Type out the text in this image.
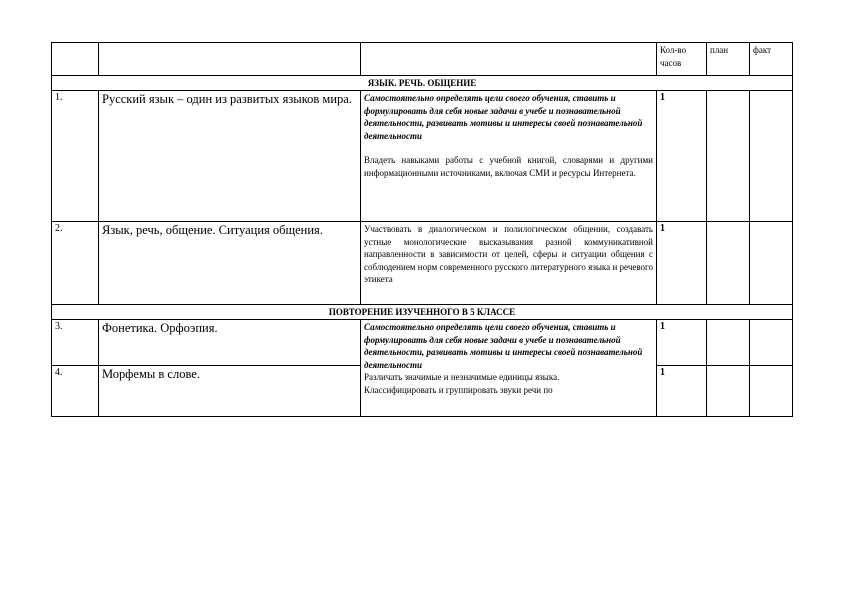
			Кол-во часов	план	факт
ЯЗЫК. РЕЧЬ. ОБЩЕНИЕ					
1.	Русский язык – один из развитых языков мира.	Самостоятельно определять цели своего обучения, ставить и формулировать для себя новые задачи в учебе и познавательной деятельности, развивать мотивы и интересы своей познавательной деятельности
Владеть навыками работы с учебной книгой, словарями и другими информационными источниками, включая СМИ и ресурсы Интернета.	1		
2.	Язык, речь, общение. Ситуация общения.	Участвовать в диалогическом и полилогическом общении, создавать устные монологические высказывания разной коммуникативной направленности в зависимости от целей, сферы и ситуации общения с соблюдением норм современного русского литературного языка и речевого этикета	1		
ПОВТОРЕНИЕ ИЗУЧЕННОГО В 5 КЛАССЕ					
3.	Фонетика. Орфоэпия.	Самостоятельно определять цели своего обучения, ставить и формулировать для себя новые задачи в учебе и познавательной деятельности, развивать мотивы и интересы своей познавательной деятельности
Различать значимые и незначимые единицы языка.
Классифицировать и группировать звуки речи по	1		
4.	Морфемы в слове.		1		
